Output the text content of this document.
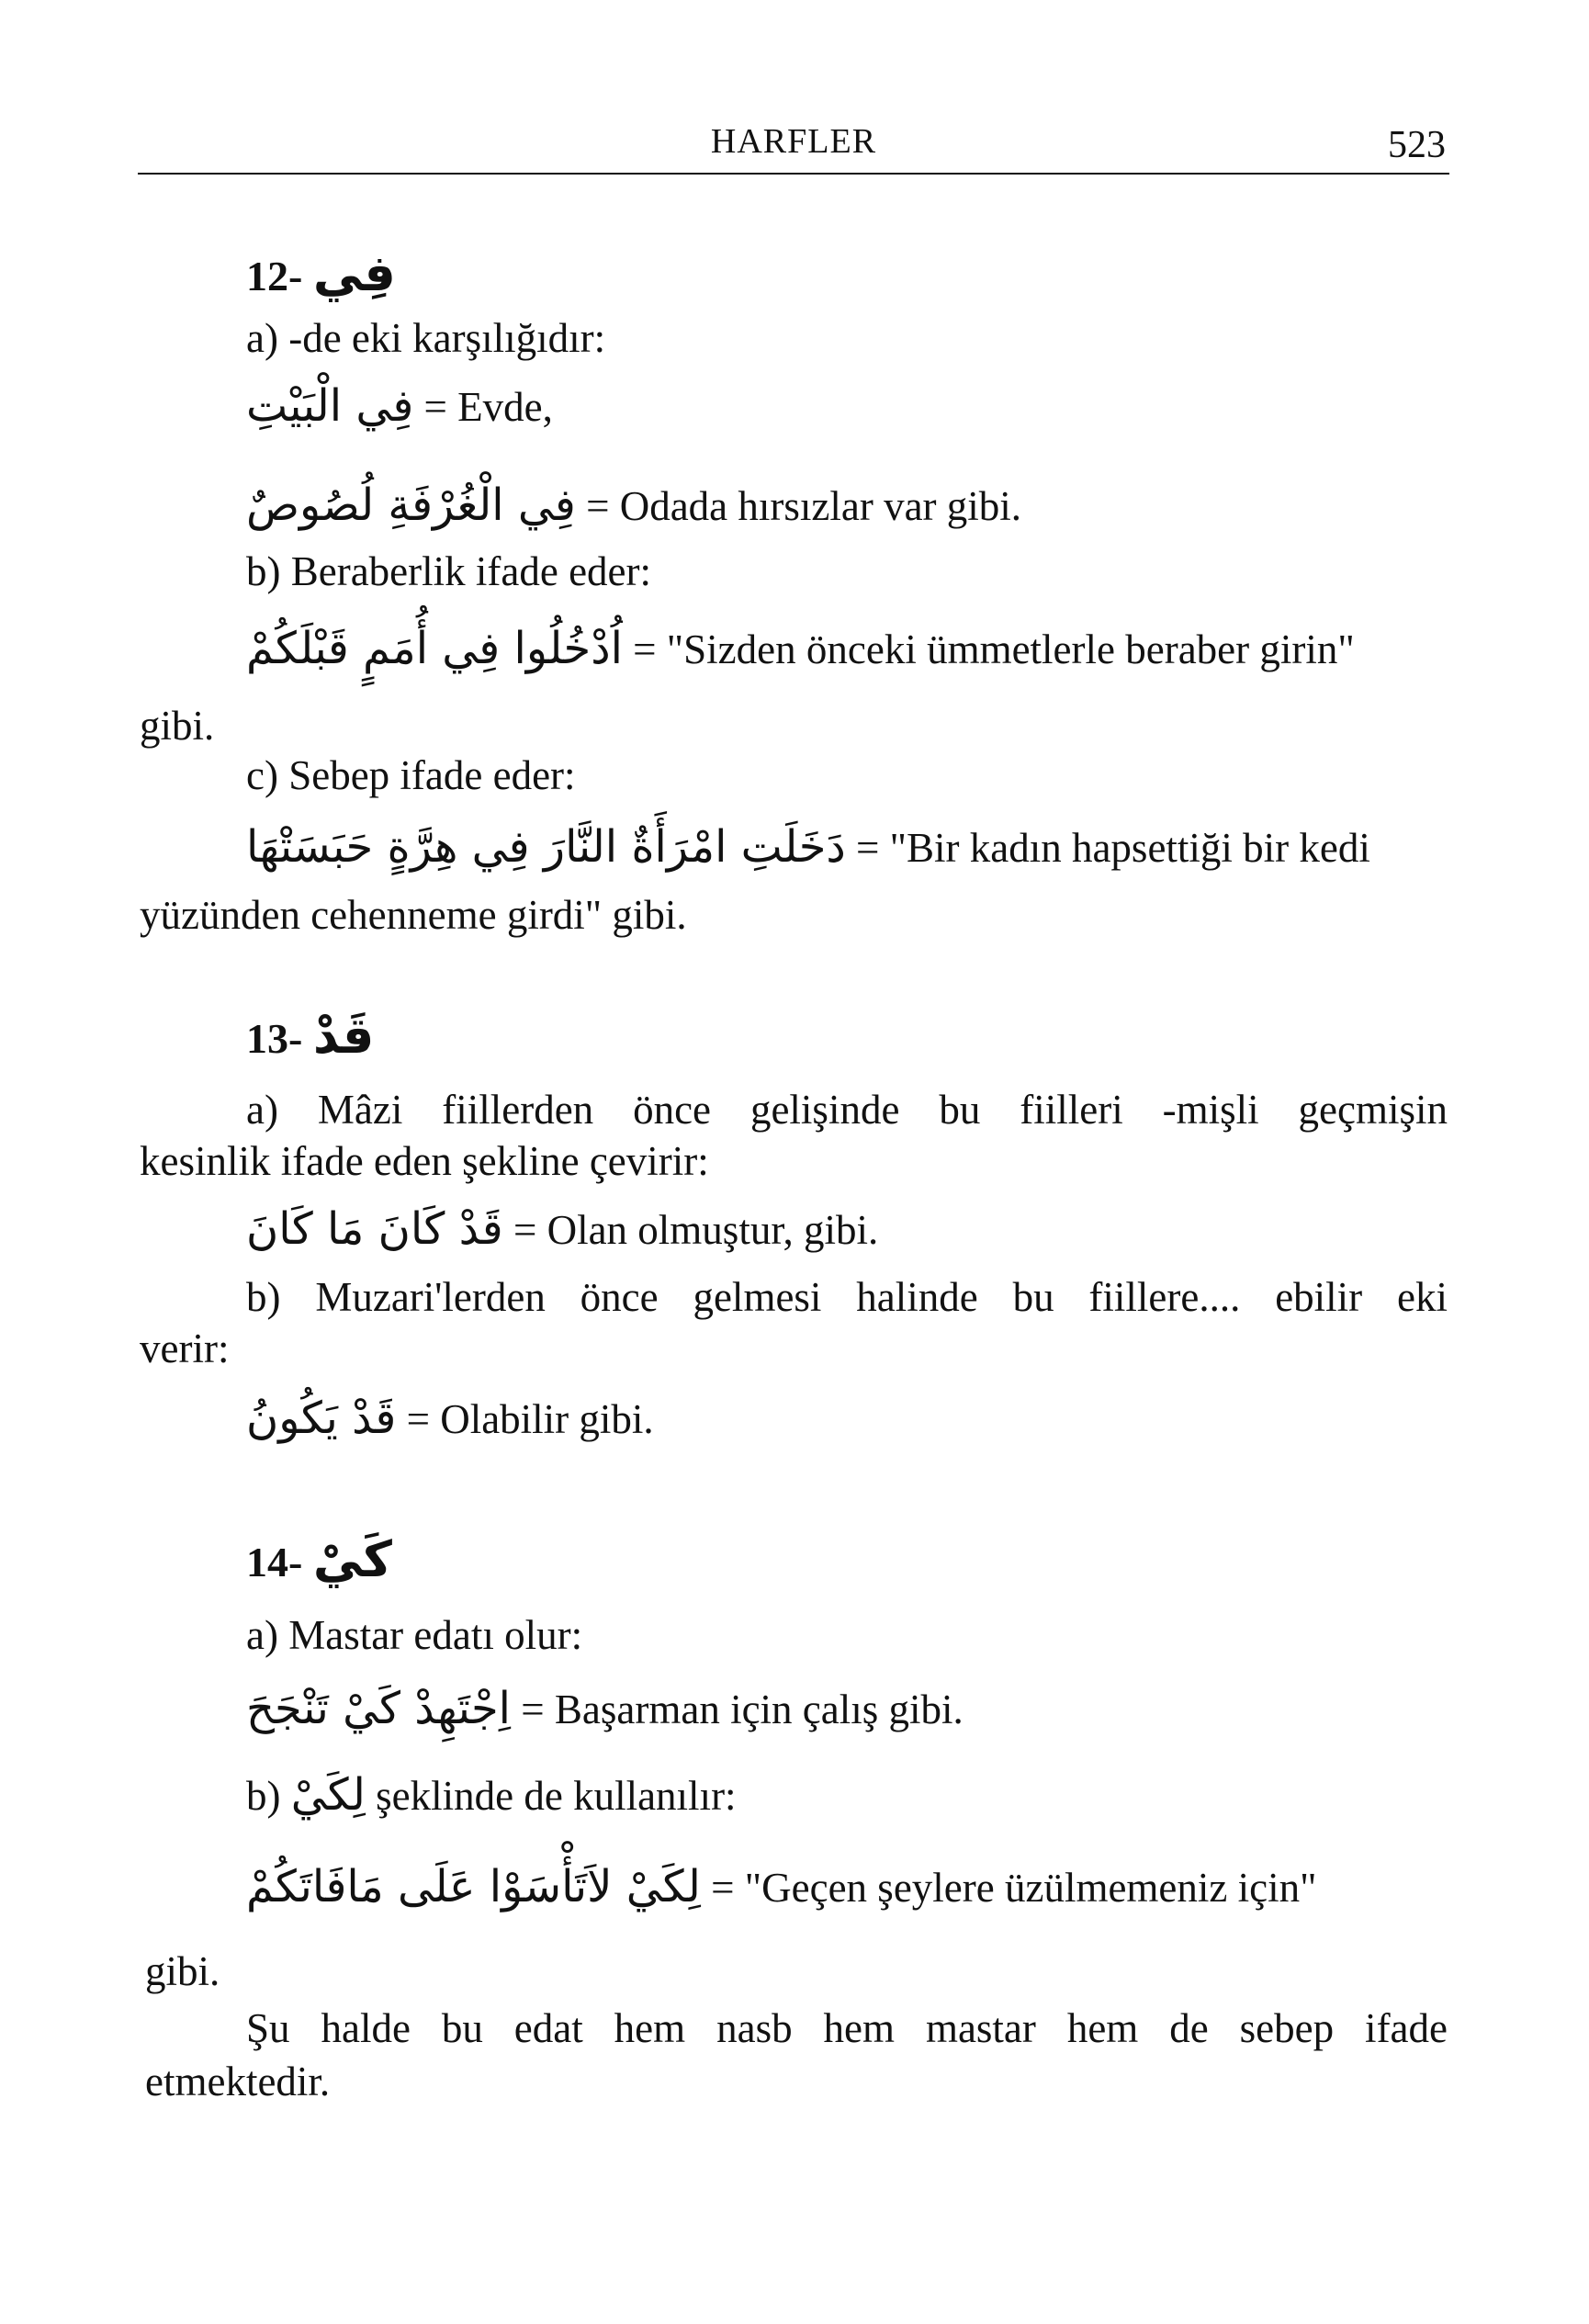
HARFLER	523
12- فِي
a) -de eki karşılığıdır:
فِي الْبَيْتِ = Evde,
فِي الْغُرْفَةِ لُصُوصٌ = Odada hırsızlar var gibi.
b) Beraberlik ifade eder:
اُدْخُلُوا فِي أُمَمٍ قَبْلَكُمْ = "Sizden önceki ümmetlerle beraber girin"
gibi.
c) Sebep ifade eder:
دَخَلَتِ امْرَأَةٌ النَّارَ فِي هِرَّةٍ حَبَسَتْهَا = "Bir kadın hapsettiği bir kedi
yüzünden cehenneme girdi" gibi.
13- قَدْ
a) Mâzi fiillerden önce gelişinde bu fiilleri -mişli geçmişin
kesinlik ifade eden şekline çevirir:
قَدْ كَانَ مَا كَانَ = Olan olmuştur, gibi.
b) Muzari'lerden önce gelmesi halinde bu fiillere.... ebilir eki
verir:
قَدْ يَكُونُ = Olabilir gibi.
14- كَيْ
a) Mastar edatı olur:
اِجْتَهِدْ كَيْ تَنْجَحَ = Başarman için çalış gibi.
b) لِكَيْ şeklinde de kullanılır:
لِكَيْ لاَتَأْسَوْا عَلَى مَافَاتَكُمْ = "Geçen şeylere üzülmemeniz için"
gibi.
Şu halde bu edat hem nasb hem mastar hem de sebep ifade
etmektedir.
